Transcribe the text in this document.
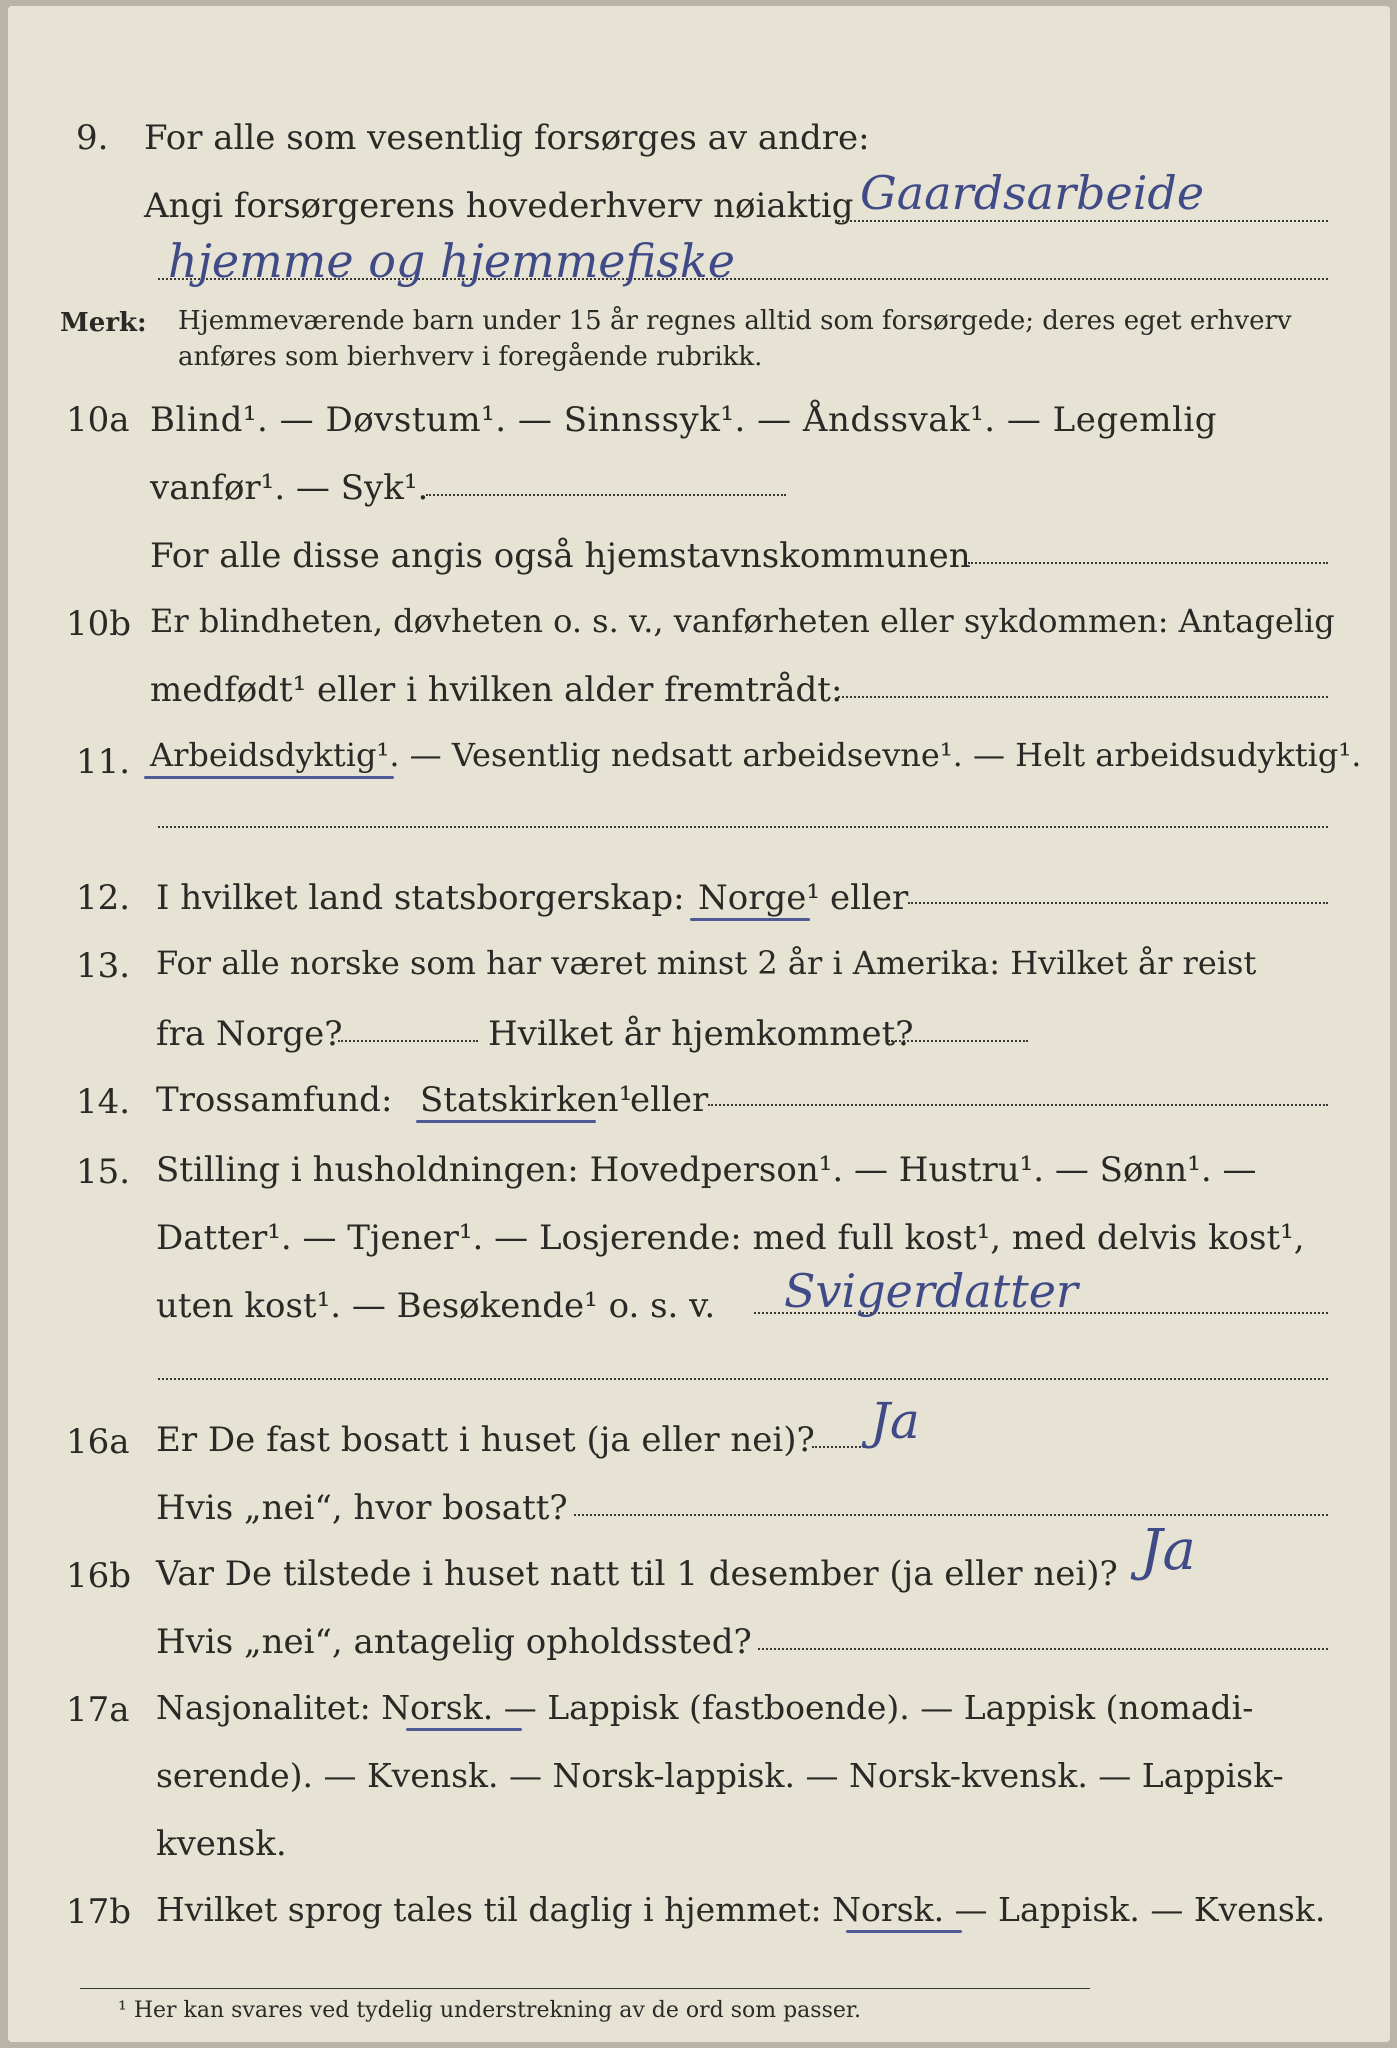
9. For alle som vesentlig forsørges av andre:
Angi forsørgerens hovederhverv nøiaktig Gaardsarbeide
hjemme og hjemmefiske
Merk: Hjemmeværende barn under 15 år regnes alltid som forsørgede; deres eget erhverv
anføres som bierhverv i foregående rubrikk.
10a Blind¹. — Døvstum¹. — Sinnssyk¹. — Åndssvak¹. — Legemlig
vanfør¹. — Syk¹.
For alle disse angis også hjemstavnskommunen
10b Er blindheten, døvheten o. s. v., vanførheten eller sykdommen: Antagelig
medfødt¹ eller i hvilken alder fremtrådt:
11. Arbeidsdyktig¹. — Vesentlig nedsatt arbeidsevne¹. — Helt arbeidsudyktig¹.
12. I hvilket land statsborgerskap: Norge¹ eller
13. For alle norske som har været minst 2 år i Amerika: Hvilket år reist
fra Norge?	Hvilket år hjemkommet?
14. Trossamfund: Statskirken¹
eller
15. Stilling i husholdningen: Hovedperson¹. — Hustru¹. — Sønn¹. —
Datter¹. — Tjener¹. — Losjerende: med full kost¹, med delvis kost¹,
uten kost¹. — Besøkende¹ o. s. v. Svigerdatter
16a Er De fast bosatt i huset (ja eller nei)? Ja
Hvis „nei“, hvor bosatt?
16b Var De tilstede i huset natt til 1 desember (ja eller nei)? Ja
Hvis „nei“, antagelig opholdssted?
17a Nasjonalitet: Norsk. — Lappisk (fastboende). — Lappisk (nomadi-
serende). — Kvensk. — Norsk-lappisk. — Norsk-kvensk. — Lappisk-
kvensk.
17b Hvilket sprog tales til daglig i hjemmet: Norsk. — Lappisk. — Kvensk.
¹ Her kan svares ved tydelig understrekning av de ord som passer.
